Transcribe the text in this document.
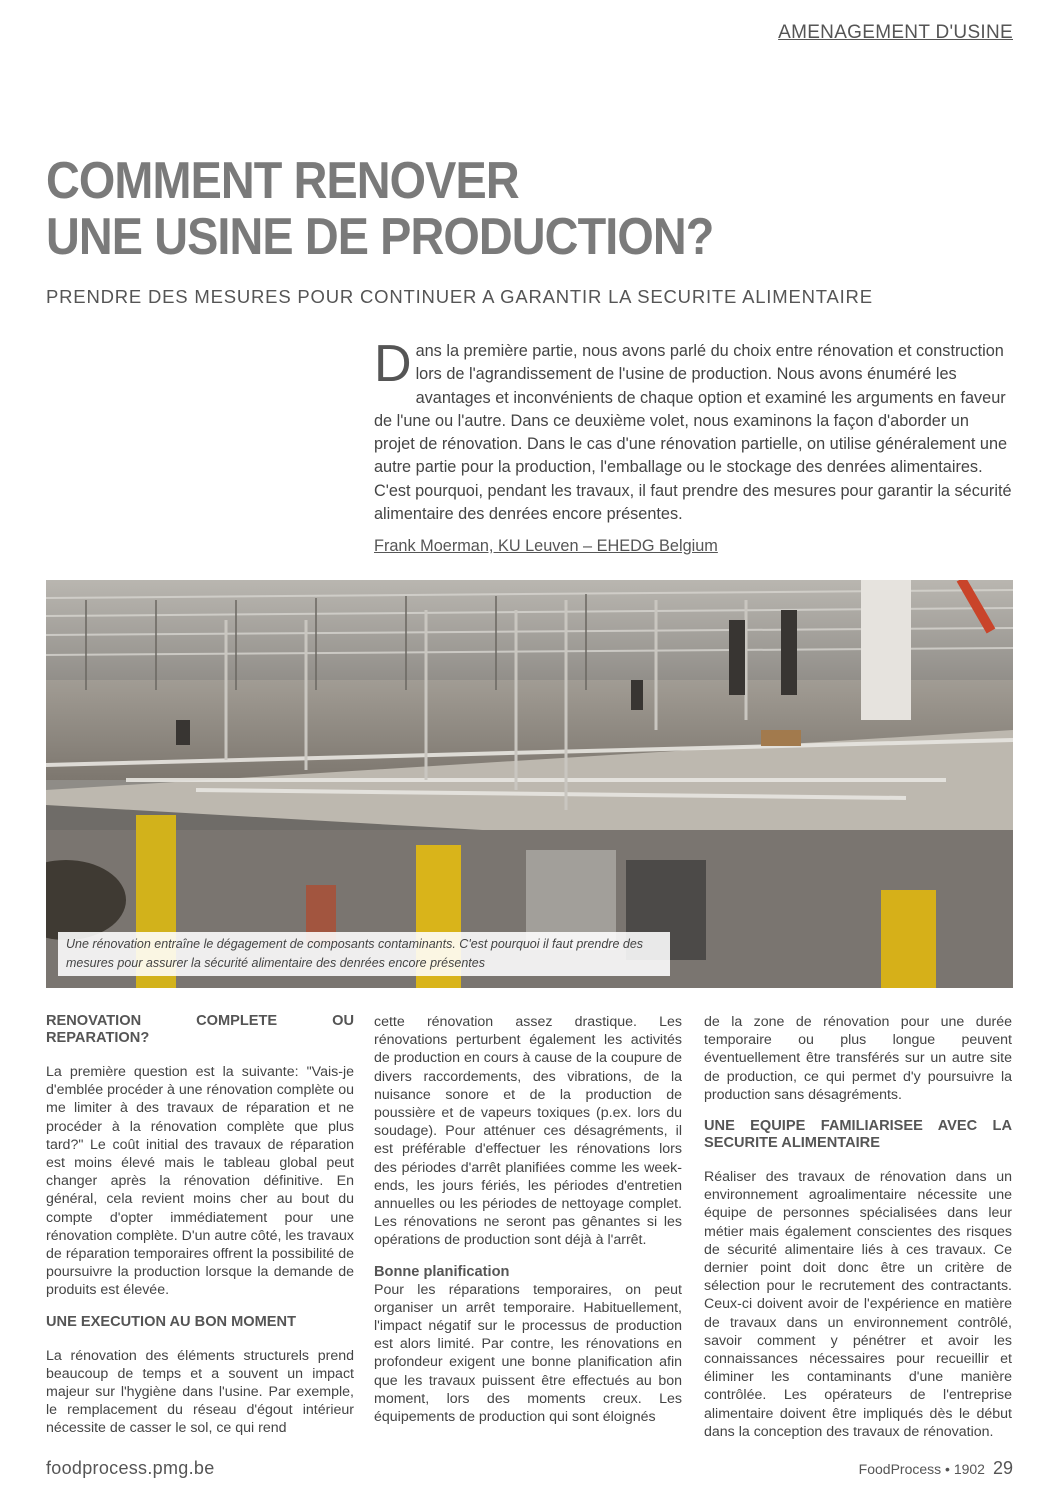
AMENAGEMENT D'USINE
COMMENT RENOVER
UNE USINE DE PRODUCTION?

PRENDRE DES MESURES POUR CONTINUER A GARANTIR LA SECURITE ALIMENTAIRE

Dans la première partie, nous avons parlé du choix entre rénovation et construction lors de l'agrandissement de l'usine de production. Nous avons énuméré les avantages et inconvénients de chaque option et examiné les arguments en faveur de l'une ou l'autre. Dans ce deuxième volet, nous examinons la façon d'aborder un projet de rénovation. Dans le cas d'une rénovation partielle, on utilise généralement une autre partie pour la production, l'emballage ou le stockage des denrées alimentaires. C'est pourquoi, pendant les travaux, il faut prendre des mesures pour garantir la sécurité alimentaire des denrées encore présentes.

Frank Moerman, KU Leuven – EHEDG Belgium
Une rénovation entraîne le dégagement de composants contaminants. C'est pourquoi il faut prendre des mesures pour assurer la sécurité alimentaire des denrées encore présentes
RENOVATION COMPLETE OU REPARATION?

La première question est la suivante: "Vais-je d'emblée procéder à une rénovation complète ou me limiter à des travaux de réparation et ne procéder à la rénovation complète que plus tard?" Le coût initial des travaux de réparation est moins élevé mais le tableau global peut changer après la rénovation définitive. En général, cela revient moins cher au bout du compte d'opter immédiatement pour une rénovation complète. D'un autre côté, les travaux de réparation temporaires offrent la possibilité de poursuivre la production lorsque la demande de produits est élevée.

UNE EXECUTION AU BON MOMENT

La rénovation des éléments structurels prend beaucoup de temps et a souvent un impact majeur sur l'hygiène dans l'usine. Par exemple, le remplacement du réseau d'égout intérieur nécessite de casser le sol, ce qui rend

cette rénovation assez drastique. Les rénovations perturbent également les activités de production en cours à cause de la coupure de divers raccordements, des vibrations, de la nuisance sonore et de la production de poussière et de vapeurs toxiques (p.ex. lors du soudage). Pour atténuer ces désagréments, il est préférable d'effectuer les rénovations lors des périodes d'arrêt planifiées comme les week-ends, les jours fériés, les périodes d'entretien annuelles ou les périodes de nettoyage complet. Les rénovations ne seront pas gênantes si les opérations de production sont déjà à l'arrêt.

Bonne planification

Pour les réparations temporaires, on peut organiser un arrêt temporaire. Habituellement, l'impact négatif sur le processus de production est alors limité. Par contre, les rénovations en profondeur exigent une bonne planification afin que les travaux puissent être effectués au bon moment, lors des moments creux. Les équipements de production qui sont éloignés

de la zone de rénovation pour une durée temporaire ou plus longue peuvent éventuellement être transférés sur un autre site de production, ce qui permet d'y poursuivre la production sans désagréments.

UNE EQUIPE FAMILIARISEE AVEC LA SECURITE ALIMENTAIRE

Réaliser des travaux de rénovation dans un environnement agroalimentaire nécessite une équipe de personnes spécialisées dans leur métier mais également conscientes des risques de sécurité alimentaire liés à ces travaux. Ce dernier point doit donc être un critère de sélection pour le recrutement des contractants. Ceux-ci doivent avoir de l'expérience en matière de travaux dans un environnement contrôlé, savoir comment y pénétrer et avoir les connaissances nécessaires pour recueillir et éliminer les contaminants d'une manière contrôlée. Les opérateurs de l'entreprise alimentaire doivent être impliqués dès le début dans la conception des travaux de rénovation.

foodprocess.pmg.be	FoodProcess • 1902 29
